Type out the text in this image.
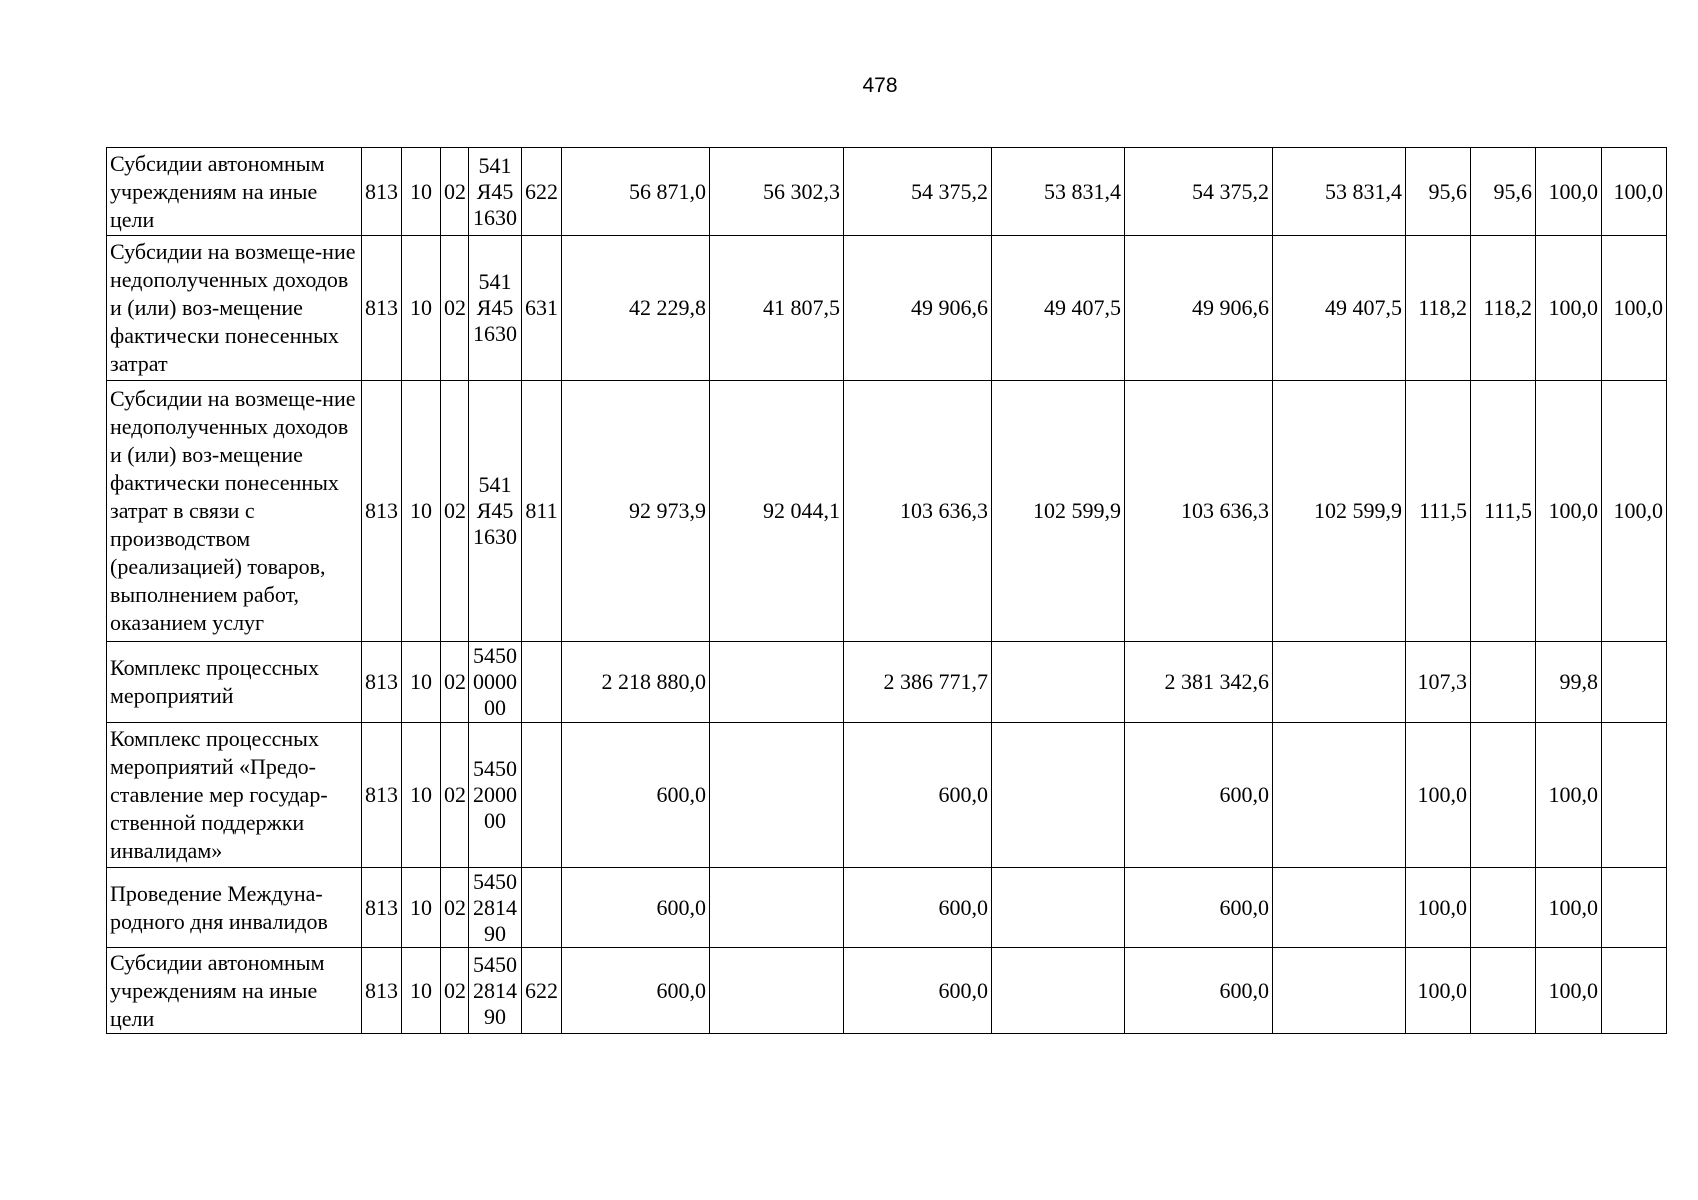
478
Субсидии автономным учреждениям на иные цели	813	10	02	541Я451630	622	56 871,0	56 302,3	54 375,2	53 831,4	54 375,2	53 831,4	95,6	95,6	100,0	100,0
Субсидии на возмеще-ние недополученных доходов и (или) воз-мещение фактически понесенных затрат	813	10	02	541Я451630	631	42 229,8	41 807,5	49 906,6	49 407,5	49 906,6	49 407,5	118,2	118,2	100,0	100,0
Субсидии на возмеще-ние недополученных доходов и (или) воз-мещение фактически понесенных затрат в связи с производством (реализацией) товаров, выполнением работ, оказанием услуг	813	10	02	541Я451630	811	92 973,9	92 044,1	103 636,3	102 599,9	103 636,3	102 599,9	111,5	111,5	100,0	100,0
Комплекс процессных мероприятий	813	10	02	5450000000		2 218 880,0		2 386 771,7		2 381 342,6		107,3		99,8	
Комплекс процессных мероприятий «Предо-ставление мер государ-ственной поддержки инвалидам»	813	10	02	5450200000		600,0		600,0		600,0		100,0		100,0	
Проведение Междуна-родного дня инвалидов	813	10	02	5450281490		600,0		600,0		600,0		100,0		100,0	
Субсидии автономным учреждениям на иные цели	813	10	02	5450281490	622	600,0		600,0		600,0		100,0		100,0	
